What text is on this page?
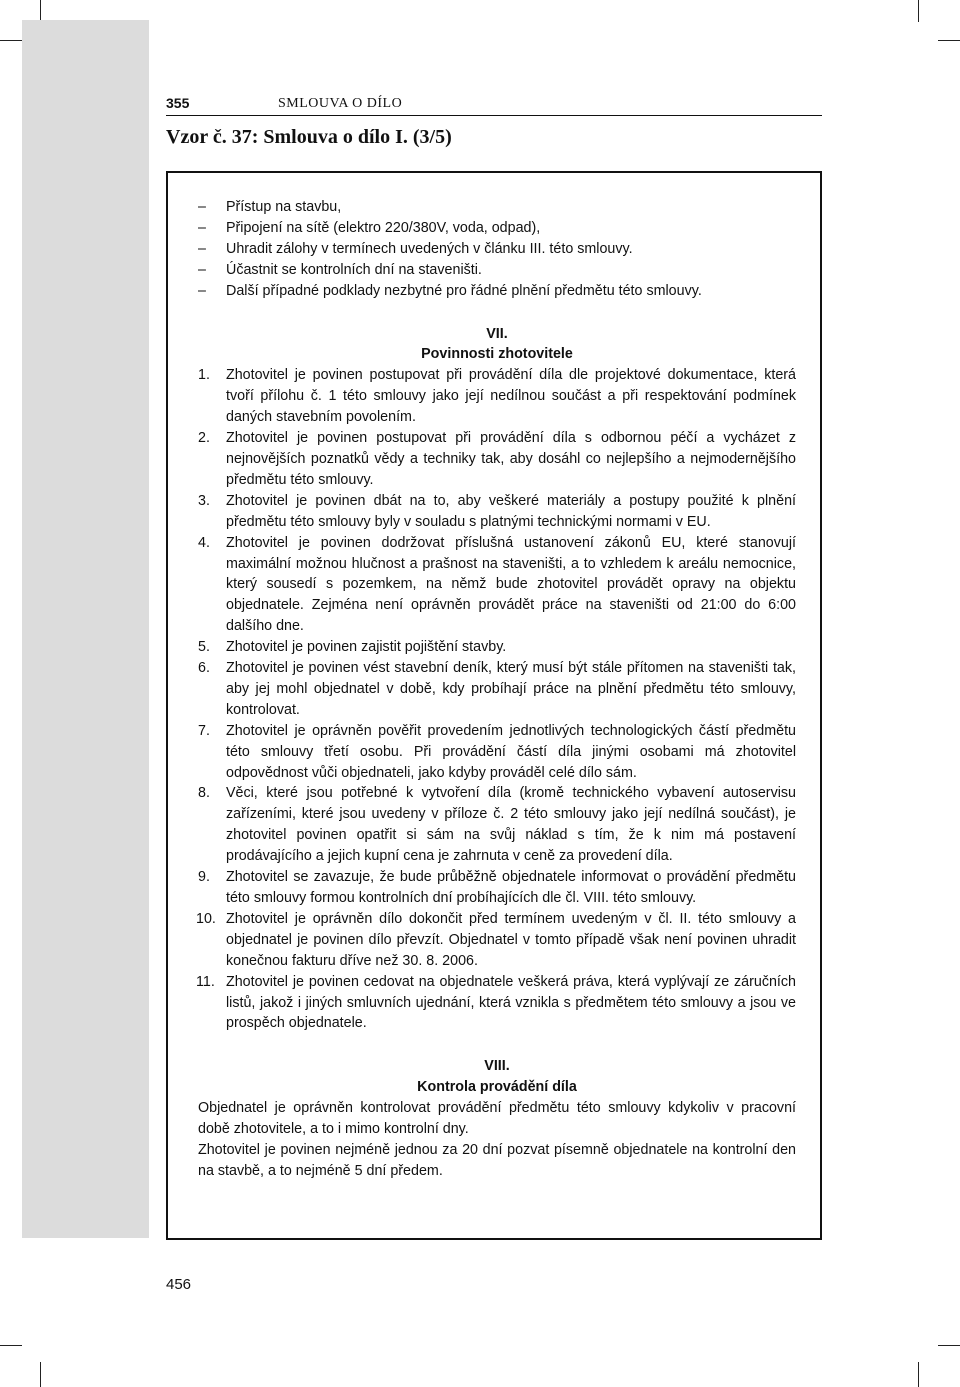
355	SMLOUVA O DÍLO
Vzor č. 37: Smlouva o dílo I. (3/5)
–	Přístup na stavbu,
–	Připojení na sítě (elektro 220/380V, voda, odpad),
–	Uhradit zálohy v termínech uvedených v článku III. této smlouvy.
–	Účastnit se kontrolních dní na staveništi.
–	Další případné podklady nezbytné pro řádné plnění předmětu této smlouvy.
VII.
Povinnosti zhotovitele
1.	Zhotovitel je povinen postupovat při provádění díla dle projektové dokumentace, která tvoří přílohu č. 1 této smlouvy jako její nedílnou součást a při respektování podmínek daných stavebním povolením.
2.	Zhotovitel je povinen postupovat při provádění díla s odbornou péčí a vycházet z nejnovějších poznatků vědy a techniky tak, aby dosáhl co nejlepšího a nejmodernějšího předmětu této smlouvy.
3.	Zhotovitel je povinen dbát na to, aby veškeré materiály a postupy použité k plnění předmětu této smlouvy byly v souladu s platnými technickými normami v EU.
4.	Zhotovitel je povinen dodržovat příslušná ustanovení zákonů EU, které stanovují maximální možnou hlučnost a prašnost na staveništi, a to vzhledem k areálu nemocnice, který sousedí s pozemkem, na němž bude zhotovitel provádět opravy na objektu objednatele. Zejména není oprávněn provádět práce na staveništi od 21:00 do 6:00 dalšího dne.
5.	Zhotovitel je povinen zajistit pojištění stavby.
6.	Zhotovitel je povinen vést stavební deník, který musí být stále přítomen na staveništi tak, aby jej mohl objednatel v době, kdy probíhají práce na plnění předmětu této smlouvy, kontrolovat.
7.	Zhotovitel je oprávněn pověřit provedením jednotlivých technologických částí předmětu této smlouvy třetí osobu. Při provádění částí díla jinými osobami má zhotovitel odpovědnost vůči objednateli, jako kdyby prováděl celé dílo sám.
8.	Věci, které jsou potřebné k vytvoření díla (kromě technického vybavení autoservisu zařízeními, které jsou uvedeny v příloze č. 2 této smlouvy jako její nedílná součást), je zhotovitel povinen opatřit si sám na svůj náklad s tím, že k nim má postavení prodávajícího a jejich kupní cena je zahrnuta v ceně za provedení díla.
9.	Zhotovitel se zavazuje, že bude průběžně objednatele informovat o provádění předmětu této smlouvy formou kontrolních dní probíhajících dle čl. VIII. této smlouvy.
10. Zhotovitel je oprávněn dílo dokončit před termínem uvedeným v čl. II. této smlouvy a objednatel je povinen dílo převzít. Objednatel v tomto případě však není povinen uhradit konečnou fakturu dříve než 30. 8. 2006.
11. Zhotovitel je povinen cedovat na objednatele veškerá práva, která vyplývají ze záručních listů, jakož i jiných smluvních ujednání, která vznikla s předmětem této smlouvy a jsou ve prospěch objednatele.
VIII.
Kontrola provádění díla
Objednatel je oprávněn kontrolovat provádění předmětu této smlouvy kdykoliv v pracovní době zhotovitele, a to i mimo kontrolní dny.
Zhotovitel je povinen nejméně jednou za 20 dní pozvat písemně objednatele na kontrolní den na stavbě, a to nejméně 5 dní předem.
456
